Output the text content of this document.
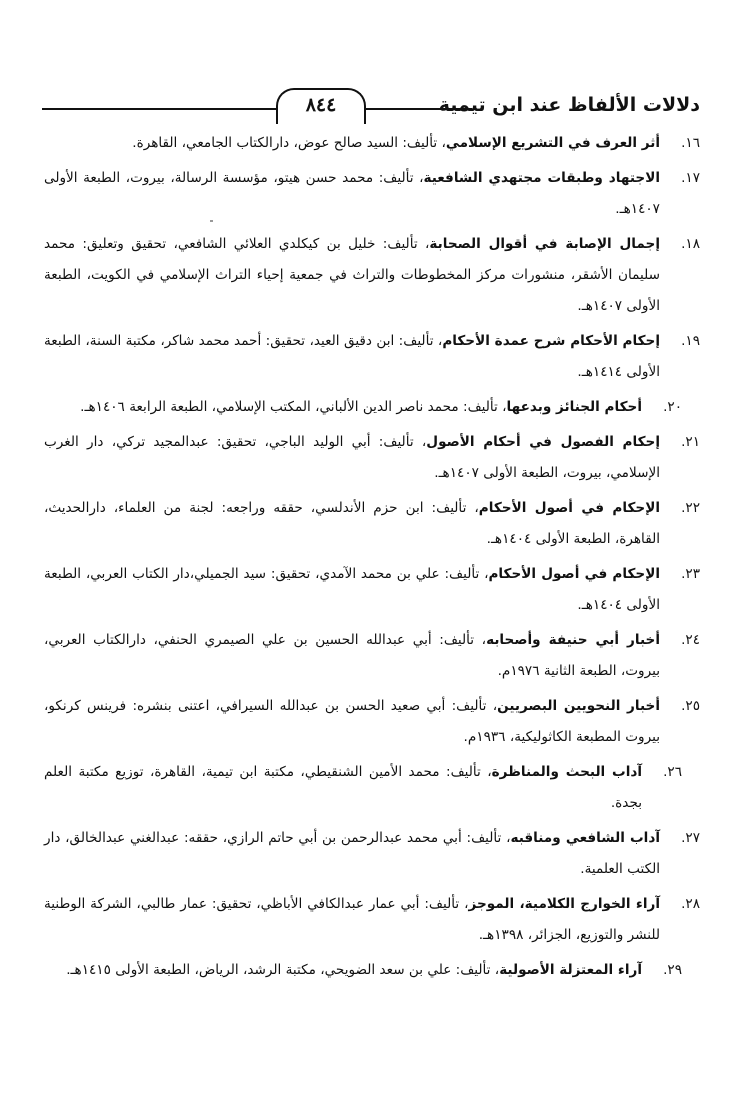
٨٤٤	دلالات الألفاظ عند ابن تيمية
١٦.
أثر العرف في التشريع الإسلامي، تأليف: السيد صالح عوض، دارالكتاب الجامعي، القاهرة.
١٧.
الاجتهاد وطبقات مجتهدي الشافعية، تأليف: محمد حسن هيتو، مؤسسة الرسالة، بيروت، الطبعة الأولى ١٤٠٧هـ.
١٨.
إجمال الإصابة في أقوال الصحابة، تأليف: خليل بن كيكلدي العلائي الشافعي، تحقيق وتعليق: محمد سليمان الأشقر، منشورات مركز المخطوطات والتراث في جمعية إحياء التراث الإسلامي في الكويت، الطبعة الأولى ١٤٠٧هـ.
١٩.
إحكام الأحكام شرح عمدة الأحكام، تأليف: ابن دقيق العيد، تحقيق: أحمد محمد شاكر، مكتبة السنة، الطبعة الأولى ١٤١٤هـ.
٢٠.
أحكام الجنائز وبدعها، تأليف: محمد ناصر الدين الألباني، المكتب الإسلامي، الطبعة الرابعة ١٤٠٦هـ.
٢١.
إحكام الفصول في أحكام الأصول، تأليف: أبي الوليد الباجي، تحقيق: عبدالمجيد تركي، دار الغرب الإسلامي، بيروت، الطبعة الأولى ١٤٠٧هـ.
٢٢.
الإحكام في أصول الأحكام، تأليف: ابن حزم الأندلسي، حققه وراجعه: لجنة من العلماء، دارالحديث، القاهرة، الطبعة الأولى ١٤٠٤هـ.
٢٣.
الإحكام في أصول الأحكام، تأليف: علي بن محمد الآمدي، تحقيق: سيد الجميلي،دار الكتاب العربي، الطبعة الأولى ١٤٠٤هـ.
٢٤.
أخبار أبي حنيفة وأصحابه، تأليف: أبي عبدالله الحسين بن علي الصيمري الحنفي، دارالكتاب العربي، بيروت، الطبعة الثانية ١٩٧٦م.
٢٥.
أخبار النحويين البصريين، تأليف: أبي صعيد الحسن بن عبدالله السيرافي، اعتنى بنشره: فرينس كرنكو، بيروت المطبعة الكاثوليكية، ١٩٣٦م.
٢٦.
آداب البحث والمناظرة، تأليف: محمد الأمين الشنقيطي، مكتبة ابن تيمية، القاهرة، توزيع مكتبة العلم بجدة.
٢٧.
آداب الشافعي ومناقبه، تأليف: أبي محمد عبدالرحمن بن أبي حاتم الرازي، حققه: عبدالغني عبدالخالق، دار الكتب العلمية.
٢٨.
آراء الخوارج الكلامية، الموجز، تأليف: أبي عمار عبدالكافي الأباظي، تحقيق: عمار طالبي، الشركة الوطنية للنشر والتوزيع، الجزائر، ١٣٩٨هـ.
٢٩.
آراء المعتزلة الأصولية، تأليف: علي بن سعد الضويحي، مكتبة الرشد، الرياض، الطبعة الأولى ١٤١٥هـ.
